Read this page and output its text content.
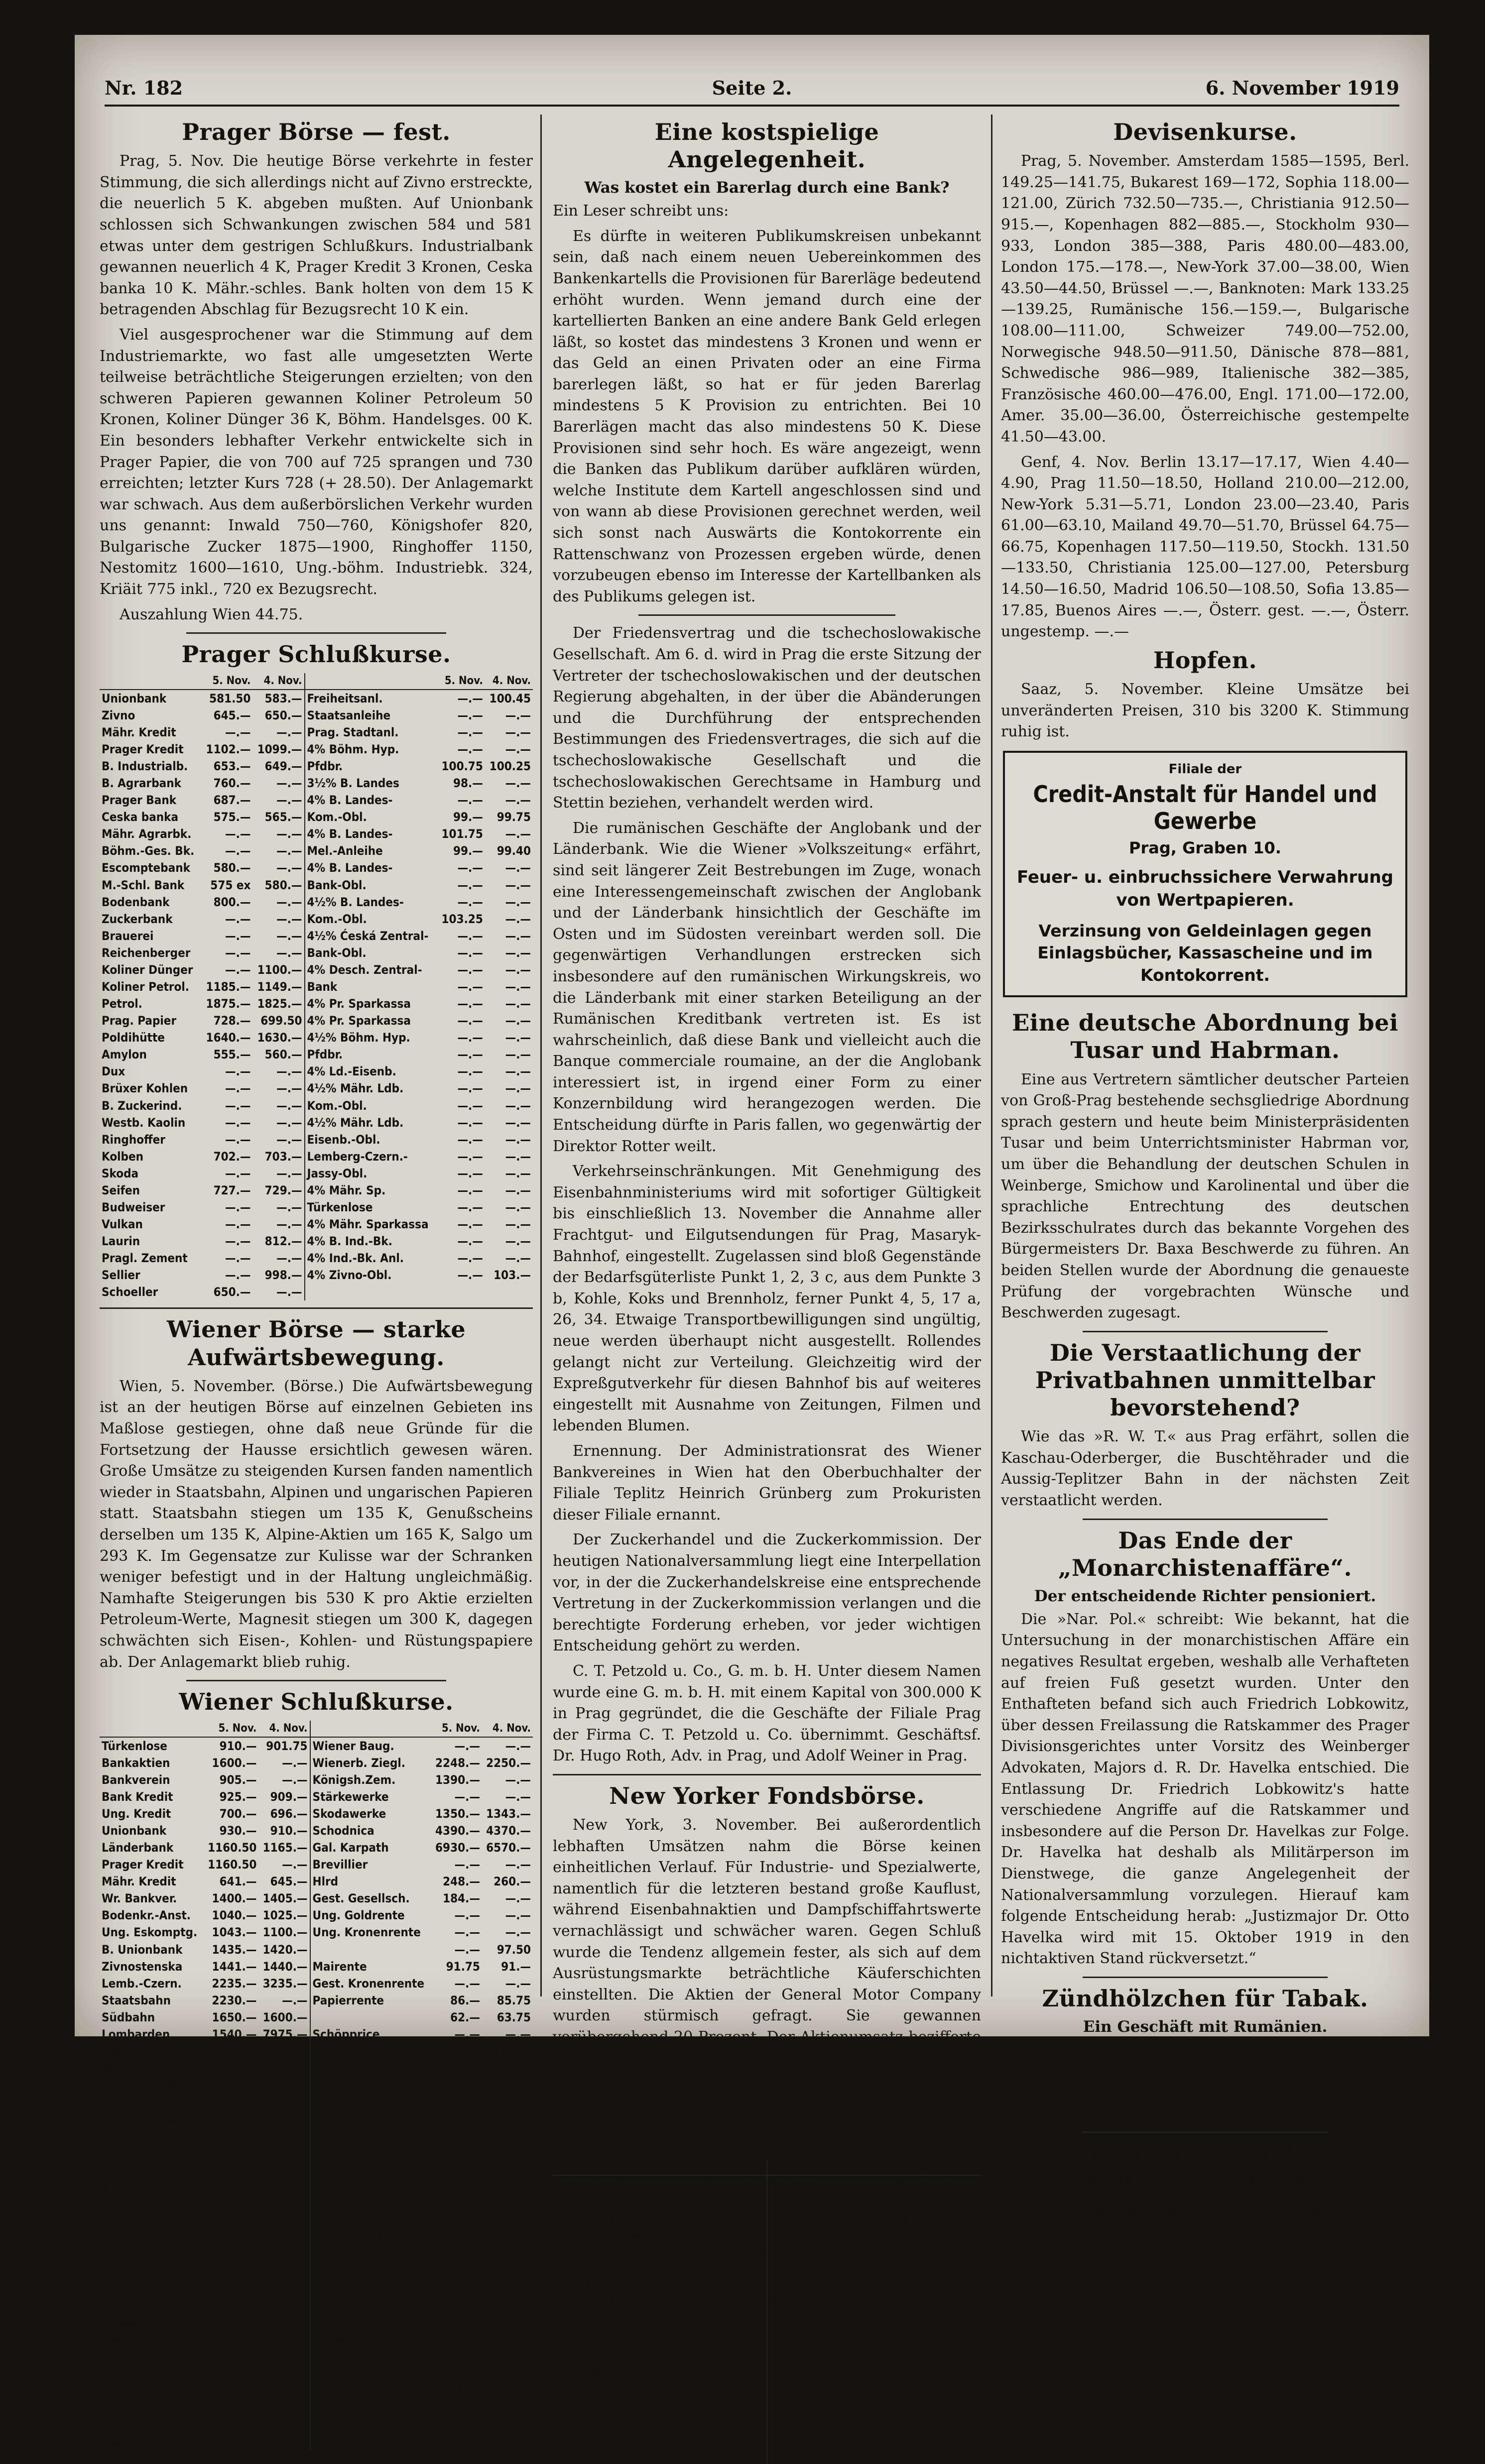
Nr. 182	Seite 2.	6. November 1919
Prager Börse — fest.

Prag, 5. Nov. Die heutige Börse verkehrte in fester Stimmung, die sich allerdings nicht auf Zivno erstreckte, die neuerlich 5 K. abgeben mußten. Auf Unionbank schlossen sich Schwankungen zwischen 584 und 581 etwas unter dem gestrigen Schlußkurs. Industrialbank gewannen neuerlich 4 K, Prager Kredit 3 Kronen, Ceska banka 10 K. Mähr.-schles. Bank holten von dem 15 K betragenden Abschlag für Bezugsrecht 10 K ein.

Viel ausgesprochener war die Stimmung auf dem Industriemarkte, wo fast alle umgesetzten Werte teilweise beträchtliche Steigerungen erzielten; von den schweren Papieren gewannen Koliner Petroleum 50 Kronen, Koliner Dünger 36 K, Böhm. Handelsges. 00 K. Ein besonders lebhafter Verkehr entwickelte sich in Prager Papier, die von 700 auf 725 sprangen und 730 erreichten; letzter Kurs 728 (+ 28.50). Der Anlagemarkt war schwach. Aus dem außerbörslichen Verkehr wurden uns genannt: Inwald 750—760, Königshofer 820, Bulgarische Zucker 1875—1900, Ringhoffer 1150, Nestomitz 1600—1610, Ung.-böhm. Industriebk. 324, Kriäit 775 inkl., 720 ex Bezugsrecht.

Auszahlung Wien 44.75.

Prager Schlußkurse.
	5. Nov.	4. Nov.		5. Nov.	4. Nov.
Unionbank	581.50	583.—	Freiheitsanl.	—.—	100.45
Zivno	645.—	650.—	Staatsanleihe	—.—	—.—
Mähr. Kredit	—.—	—.—	Prag. Stadtanl.	—.—	—.—
Prager Kredit	1102.—	1099.—	4% Böhm. Hyp.	—.—	—.—
B. Industrialb.	653.—	649.—	Pfdbr.	100.75	100.25
B. Agrarbank	760.—	—.—	3½% B. Landes	98.—	—.—
Prager Bank	687.—	—.—	4% B. Landes-	—.—	—.—
Ceska banka	575.—	565.—	Kom.-Obl.	99.—	99.75
Mähr. Agrarbk.	—.—	—.—	4% B. Landes-	101.75	—.—
Böhm.-Ges. Bk.	—.—	—.—	Mel.-Anleihe	99.—	99.40
Escomptebank	580.—	—.—	4% B. Landes-	—.—	—.—
M.-Schl. Bank	575 ex	580.—	Bank-Obl.	—.—	—.—
Bodenbank	800.—	—.—	4½% B. Landes-	—.—	—.—
Zuckerbank	—.—	—.—	Kom.-Obl.	103.25	—.—
Brauerei	—.—	—.—	4½% Ćeská Zentral-	—.—	—.—
Reichenberger	—.—	—.—	Bank-Obl.	—.—	—.—
Koliner Dünger	—.—	1100.—	4% Desch. Zentral-	—.—	—.—
Koliner Petrol.	1185.—	1149.—	Bank	—.—	—.—
Petrol.	1875.—	1825.—	4% Pr. Sparkassa	—.—	—.—
Prag. Papier	728.—	699.50	4% Pr. Sparkassa	—.—	—.—
Poldihütte	1640.—	1630.—	4½% Böhm. Hyp.	—.—	—.—
Amylon	555.—	560.—	Pfdbr.	—.—	—.—
Dux	—.—	—.—	4% Ld.-Eisenb.	—.—	—.—
Brüxer Kohlen	—.—	—.—	4½% Mähr. Ldb.	—.—	—.—
B. Zuckerind.	—.—	—.—	Kom.-Obl.	—.—	—.—
Westb. Kaolin	—.—	—.—	4½% Mähr. Ldb.	—.—	—.—
Ringhoffer	—.—	—.—	Eisenb.-Obl.	—.—	—.—
Kolben	702.—	703.—	Lemberg-Czern.-	—.—	—.—
Skoda	—.—	—.—	Jassy-Obl.	—.—	—.—
Seifen	727.—	729.—	4% Mähr. Sp.	—.—	—.—
Budweiser	—.—	—.—	Türkenlose	—.—	—.—
Vulkan	—.—	—.—	4% Mähr. Sparkassa	—.—	—.—
Laurin	—.—	812.—	4% B. Ind.-Bk.	—.—	—.—
Pragl. Zement	—.—	—.—	4% Ind.-Bk. Anl.	—.—	—.—
Sellier	—.—	998.—	4% Zivno-Obl.	—.—	103.—
Schoeller	650.—	—.—			
Wiener Börse — starke Aufwärtsbewegung.

Wien, 5. November. (Börse.) Die Aufwärtsbewegung ist an der heutigen Börse auf einzelnen Gebieten ins Maßlose gestiegen, ohne daß neue Gründe für die Fortsetzung der Hausse ersichtlich gewesen wären. Große Umsätze zu steigenden Kursen fanden namentlich wieder in Staatsbahn, Alpinen und ungarischen Papieren statt. Staatsbahn stiegen um 135 K, Genußscheins derselben um 135 K, Alpine-Aktien um 165 K, Salgo um 293 K. Im Gegensatze zur Kulisse war der Schranken weniger befestigt und in der Haltung ungleichmäßig. Namhafte Steigerungen bis 530 K pro Aktie erzielten Petroleum-Werte, Magnesit stiegen um 300 K, dagegen schwächten sich Eisen-, Kohlen- und Rüstungspapiere ab. Der Anlagemarkt blieb ruhig.

Wiener Schlußkurse.
	5. Nov.	4. Nov.		5. Nov.	4. Nov.
Türkenlose	910.—	901.75	Wiener Baug.	—.—	—.—
Bankaktien	1600.—	—.—	Wienerb. Ziegl.	2248.—	2250.—
Bankverein	905.—	—.—	Königsh.Zem.	1390.—	—.—
Bank Kredit	925.—	909.—	Stärkewerke	—.—	—.—
Ung. Kredit	700.—	696.—	Skodawerke	1350.—	1343.—
Unionbank	930.—	910.—	Schodnica	4390.—	4370.—
Länderbank	1160.50	1165.—	Gal. Karpath	6930.—	6570.—
Prager Kredit	1160.50	—.—	Brevillier	—.—	—.—
Mähr. Kredit	641.—	645.—	Hlrd	248.—	260.—
Wr. Bankver.	1400.—	1405.—	Gest. Gesellsch.	184.—	—.—
Bodenkr.-Anst.	1040.—	1025.—	Ung. Goldrente	—.—	—.—
Ung. Eskomptg.	1043.—	1100.—	Ung. Kronenrente	—.—	—.—
B. Unionbank	1435.—	1420.—		—.—	97.50
Zivnostenska	1441.—	1440.—	Mairente	91.75	91.—
Lemb.-Czern.	2235.—	3235.—	Gest. Kronenrente	—.—	—.—
Staatsbahn	2230.—	—.—	Papierrente	86.—	85.75
Südbahn	1650.—	1600.—		62.—	63.75
Lombarden	1540.—	7975.—	Schöpprice	—.—	—.—
Nordwest	800.—	—.—	Urikany	1801.—	1810.—
Nordbahn	—.—	—.—	B. Zuckerind.	1850.—	—.—
Buschtěhrader	—.—	—.—	Prager Eisen	—.—	—.—
Lit. A	—.—	—.—	B. Industrieb.	1335.—	—.—
Buschtěhrader	1599.—	1600.—	Rima	1720.—	—.—
Lit. B	—.—	—.—	Austria	1670.—	1730.—
Prag-Duxer	—.—	—.—	Gailes	1800.—	1800.—
Ung. Goldrente	—.—	—.—	Magnesit	—.—	—.—
Aussig-Tepl.	—.—	—.—	Montanist.	—.—	—.—
Donaudampf.	3500.—	3630.—	Kupferwerke	—.—	—.—
Lloyd	2520.—	—.—	Kalge	2135.—	1842.—
Tabakaktien	—.—	—.—	Aussig. Chem.	2185.—	2650.—
Waffenfabrik	3080.—	3130.—	Merkur	775.—	765.—
Alpine Montan	1330.—	1290.—	Depositenbank	2460.—	2210.—
Schoeller	1769.—	1769.—	Pilsen	—.—	—.—
Poldihütte	1545.—	1540.—	Leykam-	995.—	—.—
Prager Eisen	4550.—	4400.—	Josefsthal	—.—	—.—
Ungar. Kohlen	—.—	—.—	Aktienbr.	—.—	—.—
Gasdz	—.—	—.—	Brünner	—.—	—.—
Trifailer	—.—	—.—	Zuckerwerke	—.—	—.—
Ung. Kohlen	3350.—	3350.—	Siemens	1358.—	1358.—
Nordb. Kohlen	—.—	—.—	Siemens und	—.—	—.—
Brüxer	—.—	—.—	Halske	—.—	—.—
Berg- u. Hütten	6500.—	6800.—	Waagner	720.—	690.—
Eine kostspielige Angelegenheit.
Was kostet ein Barerlag durch eine Bank?

Ein Leser schreibt uns:

Es dürfte in weiteren Publikumskreisen unbekannt sein, daß nach einem neuen Uebereinkommen des Bankenkartells die Provisionen für Barerläge bedeutend erhöht wurden. Wenn jemand durch eine der kartellierten Banken an eine andere Bank Geld erlegen läßt, so kostet das mindestens 3 Kronen und wenn er das Geld an einen Privaten oder an eine Firma barerlegen läßt, so hat er für jeden Barerlag mindestens 5 K Provision zu entrichten. Bei 10 Barerlägen macht das also mindestens 50 K. Diese Provisionen sind sehr hoch. Es wäre angezeigt, wenn die Banken das Publikum darüber aufklären würden, welche Institute dem Kartell angeschlossen sind und von wann ab diese Provisionen gerechnet werden, weil sich sonst nach Auswärts die Kontokorrente ein Rattenschwanz von Prozessen ergeben würde, denen vorzubeugen ebenso im Interesse der Kartellbanken als des Publikums gelegen ist.

Der Friedensvertrag und die tschechoslowakische Gesellschaft. Am 6. d. wird in Prag die erste Sitzung der Vertreter der tschechoslowakischen und der deutschen Regierung abgehalten, in der über die Abänderungen und die Durchführung der entsprechenden Bestimmungen des Friedensvertrages, die sich auf die tschechoslowakische Gesellschaft und die tschechoslowakischen Gerechtsame in Hamburg und Stettin beziehen, verhandelt werden wird.

Die rumänischen Geschäfte der Anglobank und der Länderbank. Wie die Wiener »Volkszeitung« erfährt, sind seit längerer Zeit Bestrebungen im Zuge, wonach eine Interessengemeinschaft zwischen der Anglobank und der Länderbank hinsichtlich der Geschäfte im Osten und im Südosten vereinbart werden soll. Die gegenwärtigen Verhandlungen erstrecken sich insbesondere auf den rumänischen Wirkungskreis, wo die Länderbank mit einer starken Beteiligung an der Rumänischen Kreditbank vertreten ist. Es ist wahrscheinlich, daß diese Bank und vielleicht auch die Banque commerciale roumaine, an der die Anglobank interessiert ist, in irgend einer Form zu einer Konzernbildung wird herangezogen werden. Die Entscheidung dürfte in Paris fallen, wo gegenwärtig der Direktor Rotter weilt.

Verkehrseinschränkungen. Mit Genehmigung des Eisenbahnministeriums wird mit sofortiger Gültigkeit bis einschließlich 13. November die Annahme aller Frachtgut- und Eilgutsendungen für Prag, Masaryk-Bahnhof, eingestellt. Zugelassen sind bloß Gegenstände der Bedarfsgüterliste Punkt 1, 2, 3 c, aus dem Punkte 3 b, Kohle, Koks und Brennholz, ferner Punkt 4, 5, 17 a, 26, 34. Etwaige Transportbewilligungen sind ungültig, neue werden überhaupt nicht ausgestellt. Rollendes gelangt nicht zur Verteilung. Gleichzeitig wird der Expreßgutverkehr für diesen Bahnhof bis auf weiteres eingestellt mit Ausnahme von Zeitungen, Filmen und lebenden Blumen.

Ernennung. Der Administrationsrat des Wiener Bankvereines in Wien hat den Oberbuchhalter der Filiale Teplitz Heinrich Grünberg zum Prokuristen dieser Filiale ernannt.

Der Zuckerhandel und die Zuckerkommission. Der heutigen Nationalversammlung liegt eine Interpellation vor, in der die Zuckerhandelskreise eine entsprechende Vertretung in der Zuckerkommission verlangen und die berechtigte Forderung erheben, vor jeder wichtigen Entscheidung gehört zu werden.

C. T. Petzold u. Co., G. m. b. H. Unter diesem Namen wurde eine G. m. b. H. mit einem Kapital von 300.000 K in Prag gegründet, die die Geschäfte der Filiale Prag der Firma C. T. Petzold u. Co. übernimmt. Geschäftsf. Dr. Hugo Roth, Adv. in Prag, und Adolf Weiner in Prag.

New Yorker Fondsbörse.

New York, 3. November. Bei außerordentlich lebhaften Umsätzen nahm die Börse keinen einheitlichen Verlauf. Für Industrie- und Spezialwerte, namentlich für die letzteren bestand große Kauflust, während Eisenbahnaktien und Dampfschiffahrtswerte vernachlässigt und schwächer waren. Gegen Schluß wurde die Tendenz allgemein fester, als sich auf dem Ausrüstungsmarkte beträchtliche Käuferschichten einstellten. Die Aktien der General Motor Company wurden stürmisch gefragt. Sie gewannen vorübergehend 20 Prozent. Der Aktienumsatz bezifferte sich auf 1,770.000 Stück. Der September-Ausweis der Missouri-Kansas- und Texasbahn verzeichnet ein Plus der Bruttoeinnahmen von 730.000 Dollars, dagegen ein Minus der Reineinnahmen von 208.000 Dollars.

New York, 3. November.
	3.	1.		3.	1.
Berlin (Sicht)	3.10	3.—	Reading	80.25	80.75
Paris (Sicht)	8.83	8.74	Chic. Rock. Isl.	27.75	27.12
London (60 T.)	4.09	4.06	Southr. Pacif.	108.37	107.87
London (Cable)	4.17	4.15	Union Pac.	123.—	123.—
Cable Transfer	4.17	4.14	Un. St. Pac.	—.—	—.—
Canad. Pacif.	145.—	146.—	Wabash pref.	29.25	29.25
Chesap. Ohio	57.50	57.25	Am. Locomot.	108.—	108.—
Chicag. Milw.	49.25	49.—	Am. Smelting	154.37	153.—
Denver	9.50	9.—	Anaconda	67.37	67.—
Eriebahn	—.—	—.—	Beth. Steel	108.50	108.—
Erie 1st pref.	—.—	—.—	Central Leath.	100.25	98.37
Great North. pref.	83.75	83.50	Studebaker	—.—	—.—
Illinois Central	—.—	—.—	Utah Copper	—.—	—.—
Miss. Kans. Tex.	—.—	—.—	U. S. Steel Corp.	110.75	110.75
New York Centr.	—.—	—.—	U. S. Steel pref.	113.25	114.—
Norf. West.	—.—	—.—			
Pennsylvania	42.75	42.75	Utah Copper	83.12	80.25
Devisenkurse.

Prag, 5. November. Amsterdam 1585—1595, Berl. 149.25—141.75, Bukarest 169—172, Sophia 118.00—121.00, Zürich 732.50—735.—, Christiania 912.50—915.—, Kopenhagen 882—885.—, Stockholm 930—933, London 385—388, Paris 480.00—483.00, London 175.—178.—, New-York 37.00—38.00, Wien 43.50—44.50, Brüssel —.—, Banknoten: Mark 133.25—139.25, Rumänische 156.—159.—, Bulgarische 108.00—111.00, Schweizer 749.00—752.00, Norwegische 948.50—911.50, Dänische 878—881, Schwedische 986—989, Italienische 382—385, Französische 460.00—476.00, Engl. 171.00—172.00, Amer. 35.00—36.00, Österreichische gestempelte 41.50—43.00.

Genf, 4. Nov. Berlin 13.17—17.17, Wien 4.40—4.90, Prag 11.50—18.50, Holland 210.00—212.00, New-York 5.31—5.71, London 23.00—23.40, Paris 61.00—63.10, Mailand 49.70—51.70, Brüssel 64.75—66.75, Kopenhagen 117.50—119.50, Stockh. 131.50—133.50, Christiania 125.00—127.00, Petersburg 14.50—16.50, Madrid 106.50—108.50, Sofia 13.85—17.85, Buenos Aires —.—, Österr. gest. —.—, Österr. ungestemp. —.—

Hopfen.

Saaz, 5. November. Kleine Umsätze bei unveränderten Preisen, 310 bis 3200 K. Stimmung ruhig ist.

Filiale der
Credit-Anstalt für Handel und Gewerbe
Prag, Graben 10.
Feuer- u. einbruchssichere Verwahrung von Wertpapieren.
Verzinsung von Geldeinlagen gegen Einlagsbücher, Kassascheine und im Kontokorrent.
Eine deutsche Abordnung bei Tusar und Habrman.

Eine aus Vertretern sämtlicher deutscher Parteien von Groß-Prag bestehende sechsgliedrige Abordnung sprach gestern und heute beim Ministerpräsidenten Tusar und beim Unterrichtsminister Habrman vor, um über die Behandlung der deutschen Schulen in Weinberge, Smichow und Karolinental und über die sprachliche Entrechtung des deutschen Bezirksschulrates durch das bekannte Vorgehen des Bürgermeisters Dr. Baxa Beschwerde zu führen. An beiden Stellen wurde der Abordnung die genaueste Prüfung der vorgebrachten Wünsche und Beschwerden zugesagt.

Die Verstaatlichung der Privatbahnen unmittelbar bevorstehend?

Wie das »R. W. T.« aus Prag erfährt, sollen die Kaschau-Oderberger, die Buschtěhrader und die Aussig-Teplitzer Bahn in der nächsten Zeit verstaatlicht werden.

Das Ende der „Monarchistenaffäre“.
Der entscheidende Richter pensioniert.

Die »Nar. Pol.« schreibt: Wie bekannt, hat die Untersuchung in der monarchistischen Affäre ein negatives Resultat ergeben, weshalb alle Verhafteten auf freien Fuß gesetzt wurden. Unter den Enthafteten befand sich auch Friedrich Lobkowitz, über dessen Freilassung die Ratskammer des Prager Divisionsgerichtes unter Vorsitz des Weinberger Advokaten, Majors d. R. Dr. Havelka entschied. Die Entlassung Dr. Friedrich Lobkowitz's hatte verschiedene Angriffe auf die Ratskammer und insbesondere auf die Person Dr. Havelkas zur Folge. Dr. Havelka hat deshalb als Militärperson im Dienstwege, die ganze Angelegenheit der Nationalversammlung vorzulegen. Hierauf kam folgende Entscheidung herab: „Justizmajor Dr. Otto Havelka wird mit 15. Oktober 1919 in den nichtaktiven Stand rückversetzt.“

Zündhölzchen für Tabak.
Ein Geschäft mit Rumänien.

Bukarest, 4. Nov. Die Regierung entsandte Delegierte nach der Tschechoslowakei, um über eine Kompensationslieferung von Zündhölzchen gegen Tabak zu verhandeln.

Propagierung des Weltgeneralstreiks.
Von französischen Sozialisten.

Rotterdam, 5. November. Die Preßinformation meldet aus Paris: In Paris und im Seine-Departement haben 13 Wählerversammlungen der französischen Sozialisten und Linksradikalen stattgefunden, in denen die Parole für den Generalstreik des Proletariats in allen Ländern an einem bestimmten Termine zur Herbeiführung der Herrschaft der Arbeiterklasse ausgegeben wurde.
